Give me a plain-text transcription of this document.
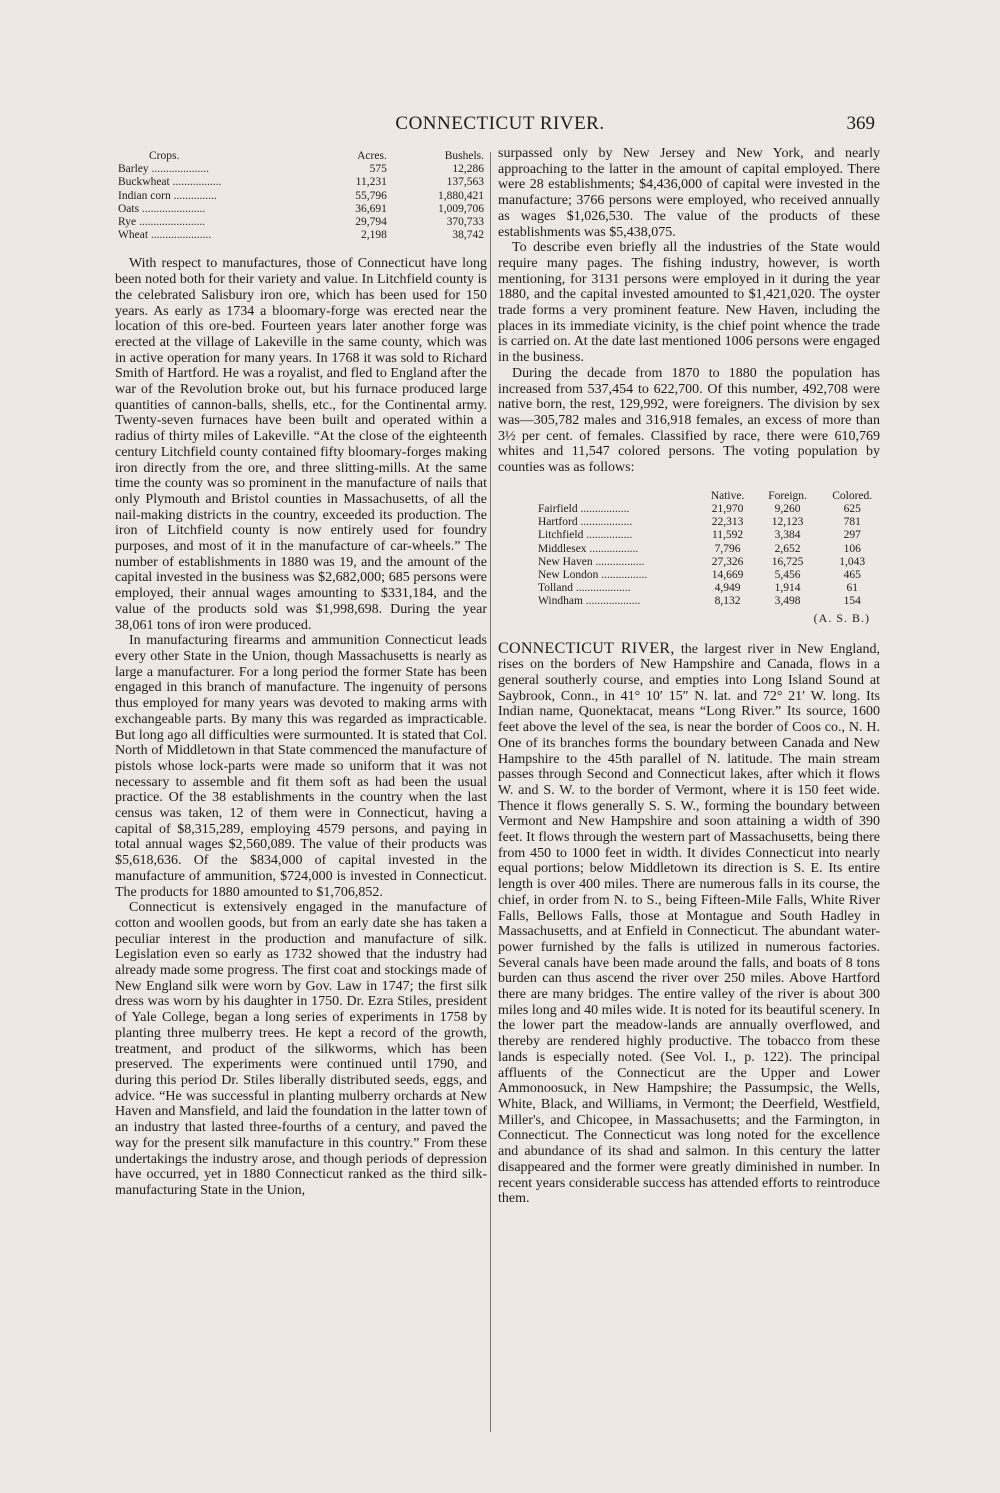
CONNECTICUT RIVER.	369
Crops.	Acres.	Bushels.
Barley ....................	575	12,286
Buckwheat .................	11,231	137,563
Indian corn ...............	55,796	1,880,421
Oats ......................	36,691	1,009,706
Rye .......................	29,794	370,733
Wheat .....................	2,198	38,742

With respect to manufactures, those of Connecticut have long been noted both for their variety and value. In Litchfield county is the celebrated Salisbury iron ore, which has been used for 150 years. As early as 1734 a bloomary-forge was erected near the location of this ore-bed. Fourteen years later another forge was erected at the village of Lakeville in the same county, which was in active operation for many years. In 1768 it was sold to Richard Smith of Hartford. He was a royalist, and fled to England after the war of the Revolution broke out, but his furnace produced large quantities of cannon-balls, shells, etc., for the Continental army. Twenty-seven furnaces have been built and operated within a radius of thirty miles of Lakeville. “At the close of the eighteenth century Litchfield county contained fifty bloomary-forges making iron directly from the ore, and three slitting-mills. At the same time the county was so prominent in the manufacture of nails that only Plymouth and Bristol counties in Massachusetts, of all the nail-making districts in the country, exceeded its production. The iron of Litchfield county is now entirely used for foundry purposes, and most of it in the manufacture of car-wheels.” The number of establishments in 1880 was 19, and the amount of the capital invested in the business was $2,682,000; 685 persons were employed, their annual wages amounting to $331,184, and the value of the products sold was $1,998,698. During the year 38,061 tons of iron were produced.

In manufacturing firearms and ammunition Connecticut leads every other State in the Union, though Massachusetts is nearly as large a manufacturer. For a long period the former State has been engaged in this branch of manufacture. The ingenuity of persons thus employed for many years was devoted to making arms with exchangeable parts. By many this was regarded as impracticable. But long ago all difficulties were surmounted. It is stated that Col. North of Middletown in that State commenced the manufacture of pistols whose lock-parts were made so uniform that it was not necessary to assemble and fit them soft as had been the usual practice. Of the 38 establishments in the country when the last census was taken, 12 of them were in Connecticut, having a capital of $8,315,289, employing 4579 persons, and paying in total annual wages $2,560,089. The value of their products was $5,618,636. Of the $834,000 of capital invested in the manufacture of ammunition, $724,000 is invested in Connecticut. The products for 1880 amounted to $1,706,852.

Connecticut is extensively engaged in the manufacture of cotton and woollen goods, but from an early date she has taken a peculiar interest in the production and manufacture of silk. Legislation even so early as 1732 showed that the industry had already made some progress. The first coat and stockings made of New England silk were worn by Gov. Law in 1747; the first silk dress was worn by his daughter in 1750. Dr. Ezra Stiles, president of Yale College, began a long series of experiments in 1758 by planting three mulberry trees. He kept a record of the growth, treatment, and product of the silkworms, which has been preserved. The experiments were continued until 1790, and during this period Dr. Stiles liberally distributed seeds, eggs, and advice. “He was successful in planting mulberry orchards at New Haven and Mansfield, and laid the foundation in the latter town of an industry that lasted three-fourths of a century, and paved the way for the present silk manufacture in this country.” From these undertakings the industry arose, and though periods of depression have occurred, yet in 1880 Connecticut ranked as the third silk-manufacturing State in the Union,

surpassed only by New Jersey and New York, and nearly approaching to the latter in the amount of capital employed. There were 28 establishments; $4,436,000 of capital were invested in the manufacture; 3766 persons were employed, who received annually as wages $1,026,530. The value of the products of these establishments was $5,438,075.

To describe even briefly all the industries of the State would require many pages. The fishing industry, however, is worth mentioning, for 3131 persons were employed in it during the year 1880, and the capital invested amounted to $1,421,020. The oyster trade forms a very prominent feature. New Haven, including the places in its immediate vicinity, is the chief point whence the trade is carried on. At the date last mentioned 1006 persons were engaged in the business.

During the decade from 1870 to 1880 the population has increased from 537,454 to 622,700. Of this number, 492,708 were native born, the rest, 129,992, were foreigners. The division by sex was—305,782 males and 316,918 females, an excess of more than 3½ per cent. of females. Classified by race, there were 610,769 whites and 11,547 colored persons. The voting population by counties was as follows:

	Native.	Foreign.	Colored.
Fairfield .................	21,970	9,260	625
Hartford ..................	22,313	12,123	781
Litchfield ................	11,592	3,384	297
Middlesex .................	7,796	2,652	106
New Haven .................	27,326	16,725	1,043
New London ................	14,669	5,456	465
Tolland ...................	4,949	1,914	61
Windham ...................	8,132	3,498	154
(A. S. B.)

CONNECTICUT RIVER, the largest river in New England, rises on the borders of New Hampshire and Canada, flows in a general southerly course, and empties into Long Island Sound at Saybrook, Conn., in 41° 10′ 15″ N. lat. and 72° 21′ W. long. Its Indian name, Quonektacat, means “Long River.” Its source, 1600 feet above the level of the sea, is near the border of Coos co., N. H. One of its branches forms the boundary between Canada and New Hampshire to the 45th parallel of N. latitude. The main stream passes through Second and Connecticut lakes, after which it flows W. and S. W. to the border of Vermont, where it is 150 feet wide. Thence it flows generally S. S. W., forming the boundary between Vermont and New Hampshire and soon attaining a width of 390 feet. It flows through the western part of Massachusetts, being there from 450 to 1000 feet in width. It divides Connecticut into nearly equal portions; below Middletown its direction is S. E. Its entire length is over 400 miles. There are numerous falls in its course, the chief, in order from N. to S., being Fifteen-Mile Falls, White River Falls, Bellows Falls, those at Montague and South Hadley in Massachusetts, and at Enfield in Connecticut. The abundant water-power furnished by the falls is utilized in numerous factories. Several canals have been made around the falls, and boats of 8 tons burden can thus ascend the river over 250 miles. Above Hartford there are many bridges. The entire valley of the river is about 300 miles long and 40 miles wide. It is noted for its beautiful scenery. In the lower part the meadow-lands are annually overflowed, and thereby are rendered highly productive. The tobacco from these lands is especially noted. (See Vol. I., p. 122). The principal affluents of the Connecticut are the Upper and Lower Ammonoosuck, in New Hampshire; the Passumpsic, the Wells, White, Black, and Williams, in Vermont; the Deerfield, Westfield, Miller's, and Chicopee, in Massachusetts; and the Farmington, in Connecticut. The Connecticut was long noted for the excellence and abundance of its shad and salmon. In this century the latter disappeared and the former were greatly diminished in number. In recent years considerable success has attended efforts to reintroduce them.
